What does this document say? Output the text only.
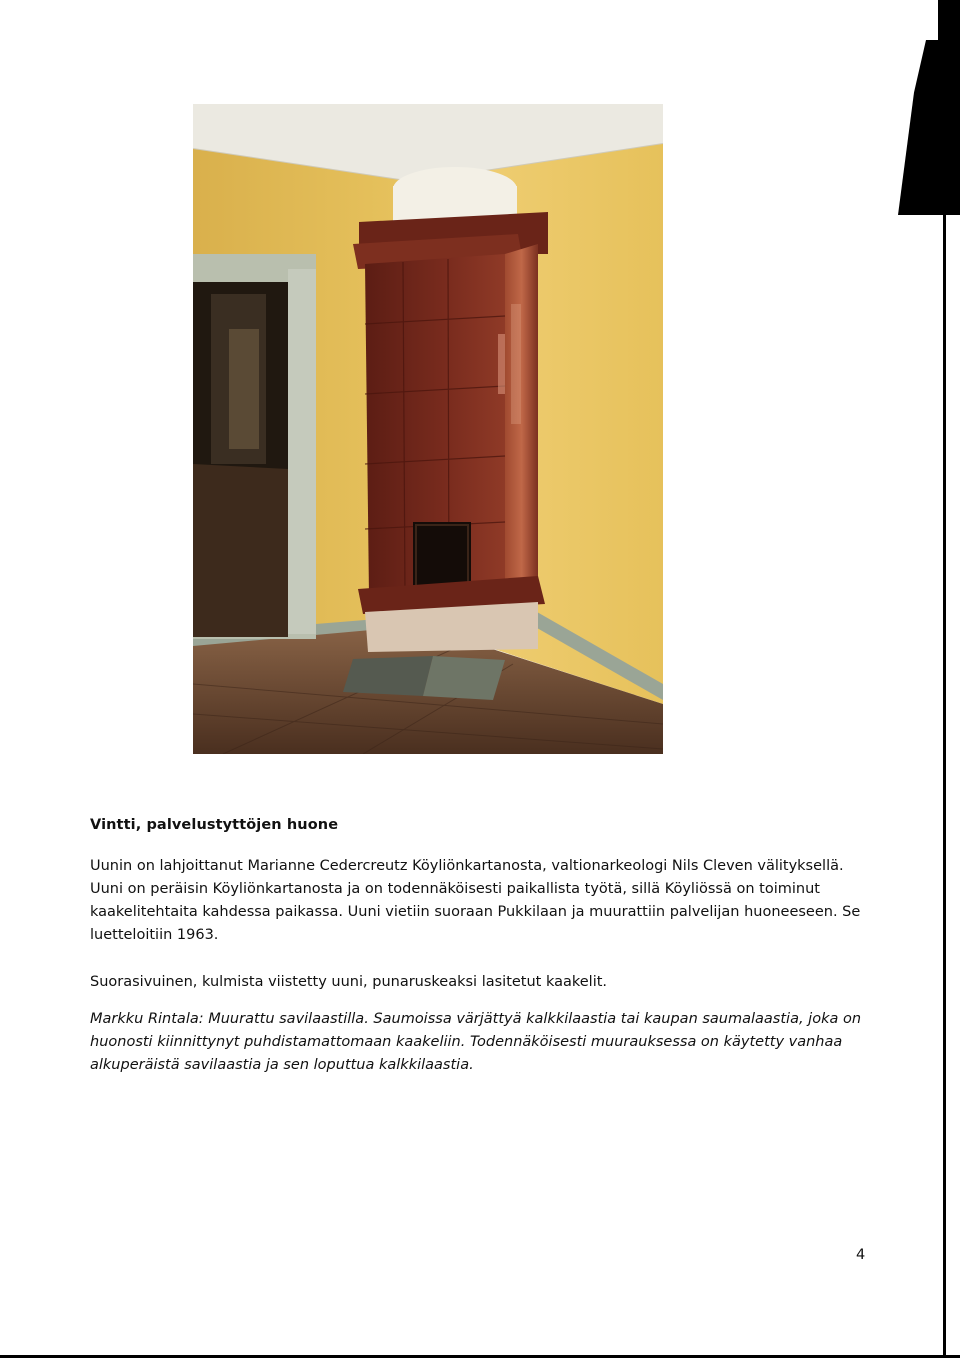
Vintti, palvelustyttöjen huone

Uunin on lahjoittanut Marianne Cedercreutz Köyliönkartanosta, valtionarkeologi Nils Cleven välityksellä. Uuni on peräisin Köyliönkartanosta ja on todennäköisesti paikallista työtä, sillä Köyliössä on toiminut kaakelitehtaita kahdessa paikassa. Uuni vietiin suoraan Pukkilaan ja muurattiin palvelijan huoneeseen. Se luetteloitiin 1963.

Suorasivuinen, kulmista viistetty uuni, punaruskeaksi lasitetut kaakelit.

Markku Rintala: Muurattu savilaastilla. Saumoissa värjättyä kalkkilaastia tai kaupan saumalaastia, joka on huonosti kiinnittynyt puhdistamattomaan kaakeliin. Todennäköisesti muurauksessa on käytetty vanhaa alkuperäistä savilaastia ja sen loputtua kalkkilaastia.

4
